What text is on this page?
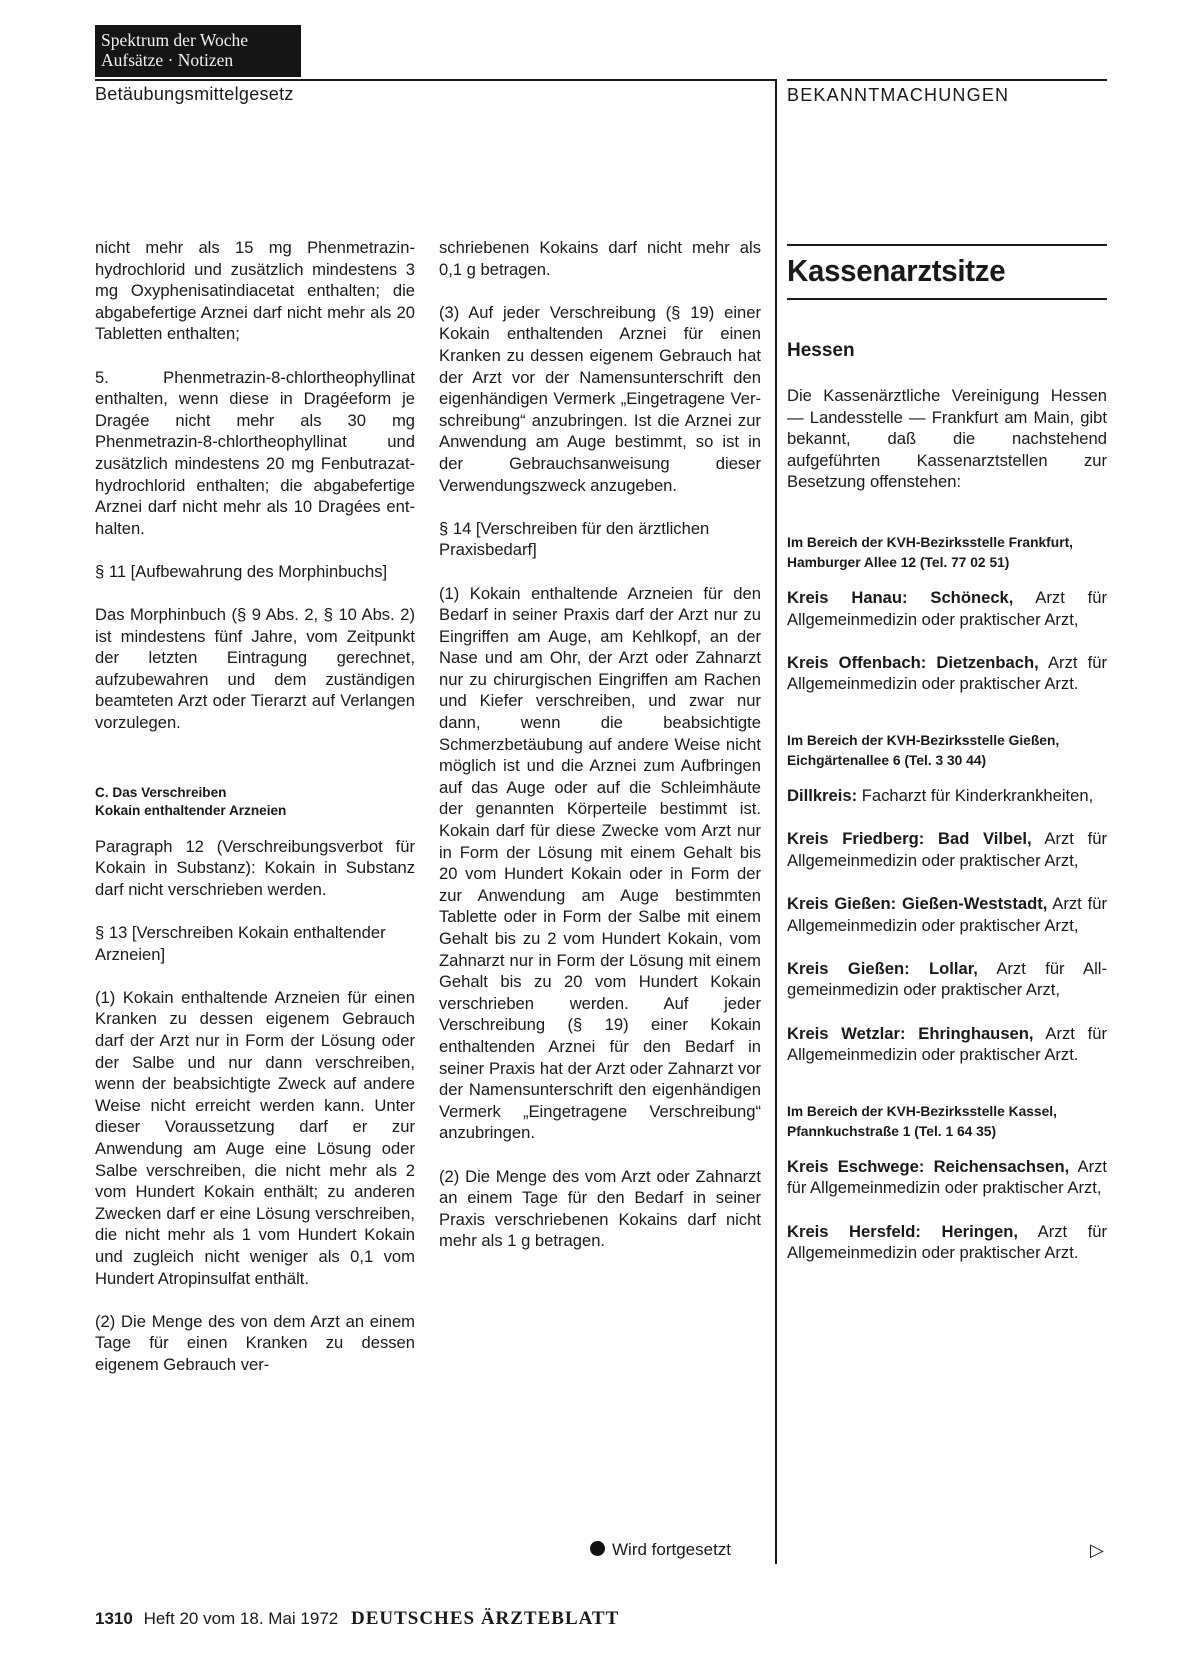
Spektrum der Woche
Aufsätze · Notizen
Betäubungsmittelgesetz	BEKANNTMACHUNGEN

nicht mehr als 15 mg Phenmetrazin-hydrochlorid und zusätzlich mindestens 3 mg Oxyphenisatindiacetat enthalten; die abgabefertige Arznei darf nicht mehr als 20 Tabletten enthalten;

5. Phenmetrazin-8-chlortheophyllinat enthalten, wenn diese in Dragéeform je Dragée nicht mehr als 30 mg Phenmetrazin-8-chlortheophyllinat und zusätzlich mindestens 20 mg Fenbutrazat-hydrochlorid enthalten; die abgabefertige Arznei darf nicht mehr als 10 Dragées enthalten.

§ 11 [Aufbewahrung des Morphinbuchs]

Das Morphinbuch (§ 9 Abs. 2, § 10 Abs. 2) ist mindestens fünf Jahre, vom Zeitpunkt der letzten Eintragung gerechnet, aufzubewahren und dem zuständigen beamteten Arzt oder Tierarzt auf Verlangen vorzulegen.

C. Das Verschreiben
Kokain enthaltender Arzneien

Paragraph 12 (Verschreibungsverbot für Kokain in Substanz): Kokain in Substanz darf nicht verschrieben werden.

§ 13 [Verschreiben Kokain enthaltender Arzneien]

(1) Kokain enthaltende Arzneien für einen Kranken zu dessen eigenem Gebrauch darf der Arzt nur in Form der Lösung oder der Salbe und nur dann verschreiben, wenn der beabsichtigte Zweck auf andere Weise nicht erreicht werden kann. Unter dieser Voraussetzung darf er zur Anwendung am Auge eine Lösung oder Salbe verschreiben, die nicht mehr als 2 vom Hundert Kokain enthält; zu anderen Zwecken darf er eine Lösung verschreiben, die nicht mehr als 1 vom Hundert Kokain und zugleich nicht weniger als 0,1 vom Hundert Atropinsulfat enthält.

(2) Die Menge des von dem Arzt an einem Tage für einen Kranken zu dessen eigenem Gebrauch ver-

schriebenen Kokains darf nicht mehr als 0,1 g betragen.

(3) Auf jeder Verschreibung (§ 19) einer Kokain enthaltenden Arznei für einen Kranken zu dessen eigenem Gebrauch hat der Arzt vor der Namensunterschrift den eigenhändigen Vermerk „Eingetragene Verschreibung“ anzubringen. Ist die Arznei zur Anwendung am Auge bestimmt, so ist in der Gebrauchsanweisung dieser Verwendungszweck anzugeben.

§ 14 [Verschreiben für den ärztlichen Praxisbedarf]

(1) Kokain enthaltende Arzneien für den Bedarf in seiner Praxis darf der Arzt nur zu Eingriffen am Auge, am Kehlkopf, an der Nase und am Ohr, der Arzt oder Zahnarzt nur zu chirurgischen Eingriffen am Rachen und Kiefer verschreiben, und zwar nur dann, wenn die beabsichtigte Schmerzbetäubung auf andere Weise nicht möglich ist und die Arznei zum Aufbringen auf das Auge oder auf die Schleimhäute der genannten Körperteile bestimmt ist. Kokain darf für diese Zwecke vom Arzt nur in Form der Lösung mit einem Gehalt bis 20 vom Hundert Kokain oder in Form der zur Anwendung am Auge bestimmten Tablette oder in Form der Salbe mit einem Gehalt bis zu 2 vom Hundert Kokain, vom Zahnarzt nur in Form der Lösung mit einem Gehalt bis zu 20 vom Hundert Kokain verschrieben werden. Auf jeder Verschreibung (§ 19) einer Kokain enthaltenden Arznei für den Bedarf in seiner Praxis hat der Arzt oder Zahnarzt vor der Namensunterschrift den eigenhändigen Vermerk „Eingetragene Verschreibung“ anzubringen.

(2) Die Menge des vom Arzt oder Zahnarzt an einem Tage für den Bedarf in seiner Praxis verschriebenen Kokains darf nicht mehr als 1 g betragen.

Wird fortgesetzt
Kassenarztsitze
Hessen

Die Kassenärztliche Vereinigung Hessen — Landesstelle — Frankfurt am Main, gibt bekannt, daß die nachstehend aufgeführten Kassenarztstellen zur Besetzung offenstehen:

Im Bereich der KVH-Bezirksstelle Frankfurt, Hamburger Allee 12 (Tel. 77 02 51)

Kreis Hanau: Schöneck, Arzt für Allgemeinmedizin oder praktischer Arzt,

Kreis Offenbach: Dietzenbach, Arzt für Allgemeinmedizin oder praktischer Arzt.

Im Bereich der KVH-Bezirksstelle Gießen, Eichgärtenallee 6 (Tel. 3 30 44)

Dillkreis: Facharzt für Kinderkrankheiten,

Kreis Friedberg: Bad Vilbel, Arzt für Allgemeinmedizin oder praktischer Arzt,

Kreis Gießen: Gießen-Weststadt, Arzt für Allgemeinmedizin oder praktischer Arzt,

Kreis Gießen: Lollar, Arzt für Allgemeinmedizin oder praktischer Arzt,

Kreis Wetzlar: Ehringhausen, Arzt für Allgemeinmedizin oder praktischer Arzt.

Im Bereich der KVH-Bezirksstelle Kassel, Pfannkuchstraße 1 (Tel. 1 64 35)

Kreis Eschwege: Reichensachsen, Arzt für Allgemeinmedizin oder praktischer Arzt,

Kreis Hersfeld: Heringen, Arzt für Allgemeinmedizin oder praktischer Arzt.

▷
1310 Heft 20 vom 18. Mai 1972 DEUTSCHES ÄRZTEBLATT
